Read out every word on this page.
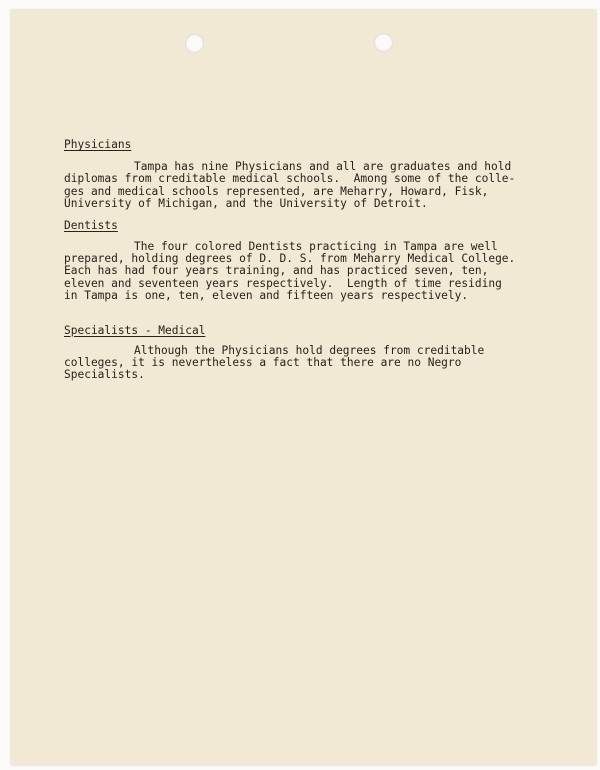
Physicians
Tampa has nine Physicians and all are graduates and hold
diplomas from creditable medical schools.  Among some of the colle-
ges and medical schools represented, are Meharry, Howard, Fisk,
University of Michigan, and the University of Detroit.
Dentists
The four colored Dentists practicing in Tampa are well
prepared, holding degrees of D. D. S. from Meharry Medical College.
Each has had four years training, and has practiced seven, ten,
eleven and seventeen years respectively.  Length of time residing
in Tampa is one, ten, eleven and fifteen years respectively.
Specialists - Medical
Although the Physicians hold degrees from creditable
colleges, it is nevertheless a fact that there are no Negro
Specialists.
